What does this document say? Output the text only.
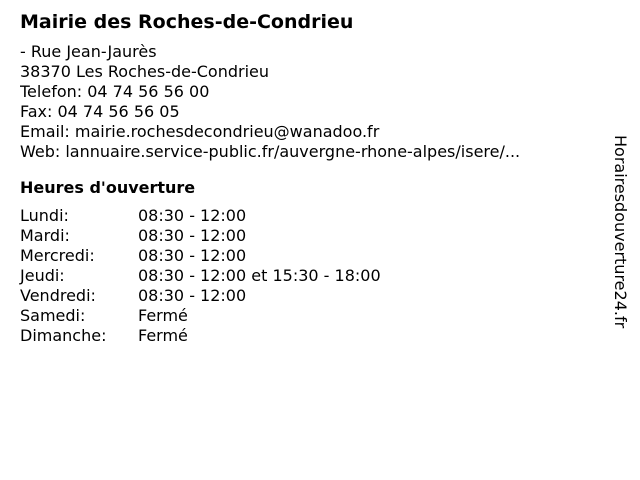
Mairie des Roches-de-Condrieu
- Rue Jean-Jaurès
38370 Les Roches-de-Condrieu
Telefon: 04 74 56 56 00
Fax: 04 74 56 56 05
Email: mairie.rochesdecondrieu@wanadoo.fr
Web: lannuaire.service-public.fr/auvergne-rhone-alpes/isere/...
Heures d'ouverture
Lundi:	08:30 - 12:00
Mardi:	08:30 - 12:00
Mercredi:	08:30 - 12:00
Jeudi:	08:30 - 12:00 et 15:30 - 18:00
Vendredi:	08:30 - 12:00
Samedi:	Fermé
Dimanche:	Fermé
Horairesdouverture24.fr
